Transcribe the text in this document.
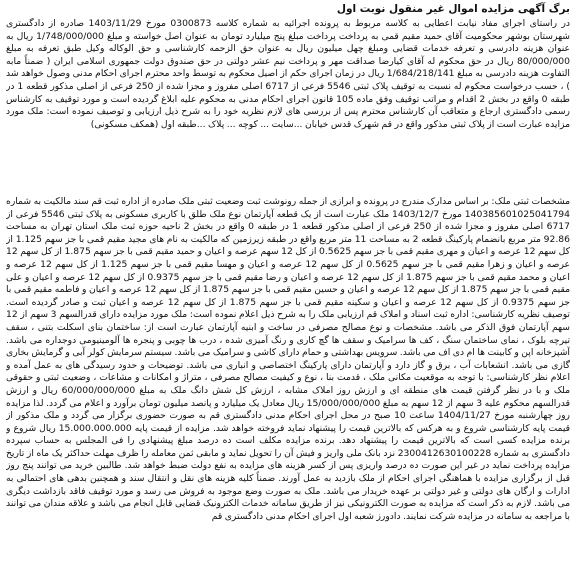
برگ آگهی مزایده اموال غیر منقول نوبت اول

در راستای اجرای مفاد نیابت اعطایی به کلاسه مربوط به پرونده اجرائیه به شماره کلاسه 0300873 مورخ 1403/11/29 صادره از دادگستری شهرستان بوشهر محکومیت آقای حمید مقیم قمی به پرداخت پرداخت مبلغ پنج میلیارد تومان به عنوان اصل خواسته و مبلغ 1/748/000/000 ریال به عنوان هزینه دادرسی و تعرفه خدمات قضایی ومبلغ چهل میلیون ریال به عنوان حق الزحمه کارشناسی و حق الوکاله وکیل طبق تعرفه به مبلغ 80/000/000 ریال در حق محکوم له آقای کیارضا صداقت مهر و پرداخت نیم عشر دولتی در حق صندوق دولت جمهوری اسلامی ایران ( ضمناً مابه التفاوت هزینه دادرسی به مبلغ 1/684/218/141 ریال در زمان اجرای حکم از اصیل محکوم به توسط واحد محترم اجرای احکام مدنی وصول خواهد شد ) ، حسب درخواست محکوم له نسبت به توقیف پلاک ثبتی 5546 فرعی از 6717 اصلی مفروز و مجزا شده از 250 فرعی از اصلی مذکور قطعه 1 در طبقه 0 واقع در بخش 2 اقدام و مراتب توقیف وفق ماده 105 قانون اجرای احکام مدنی به محکوم علیه ابلاغ گردیده است و مورد توقیف به کارشناس رسمی دادگستری ارجاع و متعاقب آن کارشناس محترم پس از بررسی های لازم نظریه خود را به شرح ذیل ارزیابی و توصیف نموده است: ملک مورد مزایده عبارت است از پلاک ثبتی مذکور واقع در قم شهرک قدس خیابان ...سایت ... کوچه ... پلاک ...طبقه اول (همکف مسکونی)

مشخصات ثبتی ملک: بر اساس مدارک مندرج در پرونده و ابرازی از جمله رونوشت ثبت وضعیت ثبتی ملک صادره از اداره ثبت قم سند مالکیت به شماره 140385601025041794 مورخ 1403/12/7 ملک عبارت است از یک قطعه آپارتمان نوع ملک طلق با کاربری مسکونی به پلاک ثبتی 5546 فرعی از 6717 اصلی مفروز و مجزا شده از 250 فرعی از اصلی مذکور قطعه 1 در طبقه 0 واقع در بخش 2 ناحیه حوزه ثبت ملک استان تهران به مساحت 92.86 متر مربع بانضمام پارکینگ قطعه 2 به مساحت 11 متر مربع واقع در طبقه زیرزمین که مالکیت به نام های مجید مقیم قمی با جز سهم 1.125 از کل سهم 12 عرصه و اعیان و مهری مقیم قمی با جز سهم 0.5625 از کل 12 سهم عرصه و اعیان و حمید مقیم قمی با جز سهم 1.875 از کل سهم 12 عرصه و اعیان و زهرا مقیم قمی با جز سهم 0.5625 از کل سهم 12 عرصه و اعیان و مهسا مقیم قمی با جز سهم 1.125 از کل سهم 12 عرصه و اعیان و محمد مقیم قمی با جز سهم 1.875 از کل سهم 12 عرصه و اعیان و رضا مقیم قمی با جز سهم 0.9375 از کل سهم 12 عرصه و اعیان و علی مقیم قمی با جز سهم 1.875 از کل سهم 12 عرصه و اعیان و حسین مقیم قمی با جز سهم 1.875 از کل سهم 12 عرصه و اعیان و فاطمه مقیم قمی با جز سهم 0.9375 از کل سهم 12 عرصه و اعیان و سکینه مقیم قمی با جز سهم 1.875 از کل سهم 12 عرصه و اعیان ثبت و صادر گردیده است. توصیف نظریه کارشناسی: اداره ثبت اسناد و املاک قم ارزیابی ملک را به شرح ذیل اعلام نموده است: ملک مورد مزایده دارای قدرالسهم 3 سهم از 12 سهم آپارتمان فوق الذکر می باشد. مشخصات و نوع مصالح مصرفی در ساخت و ابنیه آپارتمان عبارت است از: ساختمان بنای اسکلت بتنی ، سقف تیرچه بلوک ، نمای ساختمان سنگ ، کف ها سرامیک و سقف ها گچ کاری و رنگ آمیزی شده ، درب ها چوبی و پنجره ها آلومینیومی دوجداره می باشد. آشپزخانه اپن و کابینت ها ام دی اف می باشد. سرویس بهداشتی و حمام دارای کاشی و سرامیک می باشد. سیستم سرمایش کولر آبی و گرمایش بخاری گازی می باشد. انشعابات آب ، برق و گاز دارد و آپارتمان دارای پارکینگ اختصاصی و انباری می باشد. توضیحات و حدود رسیدگی های به عمل آمده و اعلام نظر کارشناسی: با توجه به موقعیت مکانی ملک ، قدمت بنا ، نوع و کیفیت مصالح مصرفی ، متراژ و امکانات و مشاعات ، وضعیت ثبتی و حقوقی ملک و با در نظر گرفتن قیمت های منطقه ای و ارزش روز املاک مشابه ، ارزش کل شش دانگ ملک به مبلغ 60/000/000/000 ریال و ارزش قدرالسهم محکوم علیه 3 سهم از 12 سهم به مبلغ 15/000/000/000 ریال معادل یک میلیارد و پانصد میلیون تومان برآورد و اعلام می گردد. لذا مزایده روز چهارشنبه مورخ 1404/11/27 ساعت 10 صبح در محل اجرای احکام مدنی دادگستری قم به صورت حضوری برگزار می گردد و ملک مذکور از قیمت پایه کارشناسی شروع و به هرکس که بالاترین قیمت را پیشنهاد نماید فروخته خواهد شد. مزایده از قیمت پایه 15.000.000.000 ریال شروع و برنده مزایده کسی است که بالاترین قیمت را پیشنهاد دهد. برنده مزایده مکلف است ده درصد مبلغ پیشنهادی را فی المجلس به حساب سپرده دادگستری به شماره 2300412630100228 نزد بانک ملی واریز و فیش آن را تحویل نماید و مابقی ثمن معامله را ظرف مهلت حداکثر یک ماه از تاریخ مزایده پرداخت نماید در غیر این صورت ده درصد واریزی پس از کسر هزینه های مزایده به نفع دولت ضبط خواهد شد. طالبین خرید می توانند پنج روز قبل از برگزاری مزایده با هماهنگی اجرای احکام از ملک بازدید به عمل آورند. ضمناً کلیه هزینه های نقل و انتقال سند و همچنین بدهی های احتمالی به ادارات و ارگان های دولتی و غیر دولتی بر عهده خریدار می باشد. ملک به صورت وضع موجود به فروش می رسد و مورد توقیف فاقد بازداشت دیگری می باشد. لازم به ذکر است که مزایده به صورت الکترونیکی نیز از طریق سامانه خدمات الکترونیک قضایی قابل انجام می باشد و علاقه مندان می توانند با مراجعه به سامانه در مزایده شرکت نمایند. دادورز شعبه اول اجرای احکام مدنی دادگستری قم
